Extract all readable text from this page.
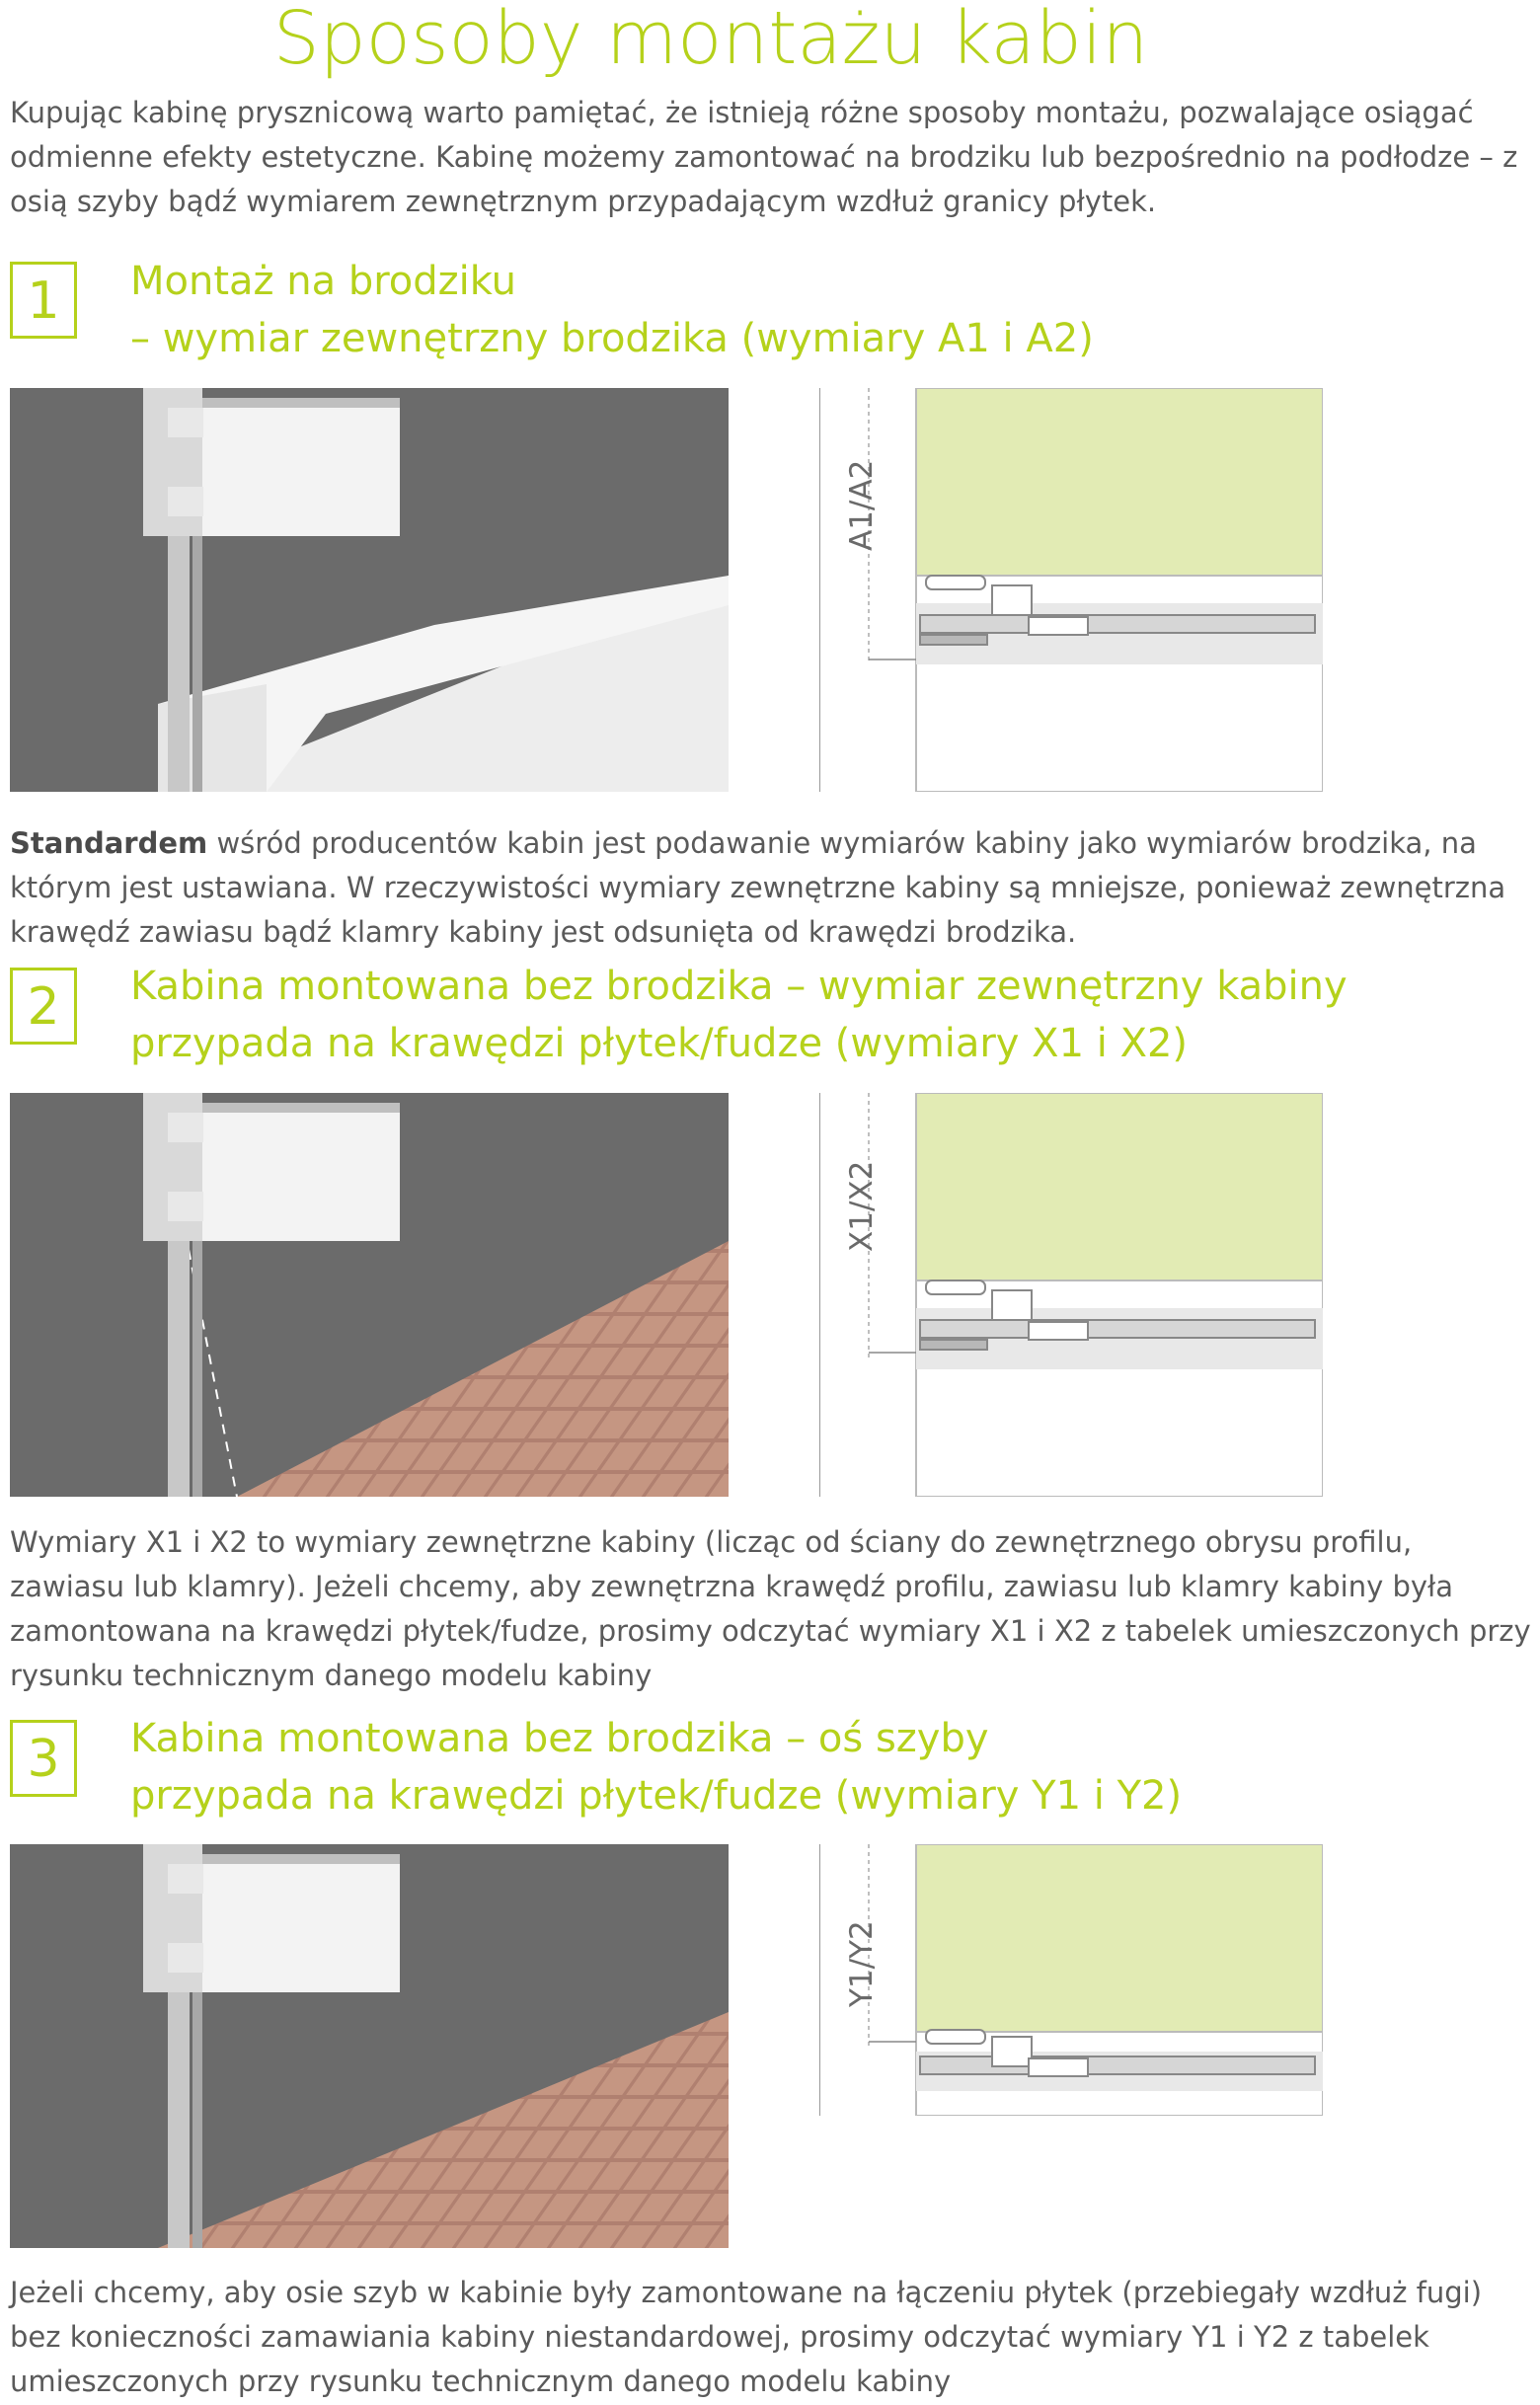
Sposoby montażu kabin

Kupując kabinę prysznicową warto pamiętać, że istnieją różne sposoby montażu, pozwalające osiągać odmienne efekty estetyczne. Kabinę możemy zamontować na brodziku lub bezpośrednio na podłodze – z osią szyby bądź wymiarem zewnętrznym przypadającym wzdłuż granicy płytek.

1	Montaż na brodziku
– wymiar zewnętrzny brodzika (wymiary A1 i A2)
A1/A2

Standardem wśród producentów kabin jest podawanie wymiarów kabiny jako wymiarów brodzika, na którym jest ustawiana. W rzeczywistości wymiary zewnętrzne kabiny są mniejsze, ponieważ zewnętrzna krawędź zawiasu bądź klamry kabiny jest odsunięta od krawędzi brodzika.

2	Kabina montowana bez brodzika – wymiar zewnętrzny kabiny
przypada na krawędzi płytek/fudze (wymiary X1 i X2)
X1/X2

Wymiary X1 i X2 to wymiary zewnętrzne kabiny (licząc od ściany do zewnętrznego obrysu profilu, zawiasu lub klamry). Jeżeli chcemy, aby zewnętrzna krawędź profilu, zawiasu lub klamry kabiny była zamontowana na krawędzi płytek/fudze, prosimy odczytać wymiary X1 i X2 z tabelek umieszczonych przy rysunku technicznym danego modelu kabiny

3	Kabina montowana bez brodzika – oś szyby
przypada na krawędzi płytek/fudze (wymiary Y1 i Y2)
Y1/Y2

Jeżeli chcemy, aby osie szyb w kabinie były zamontowane na łączeniu płytek (przebiegały wzdłuż fugi) bez konieczności zamawiania kabiny niestandardowej, prosimy odczytać wymiary Y1 i Y2 z tabelek umieszczonych przy rysunku technicznym danego modelu kabiny
